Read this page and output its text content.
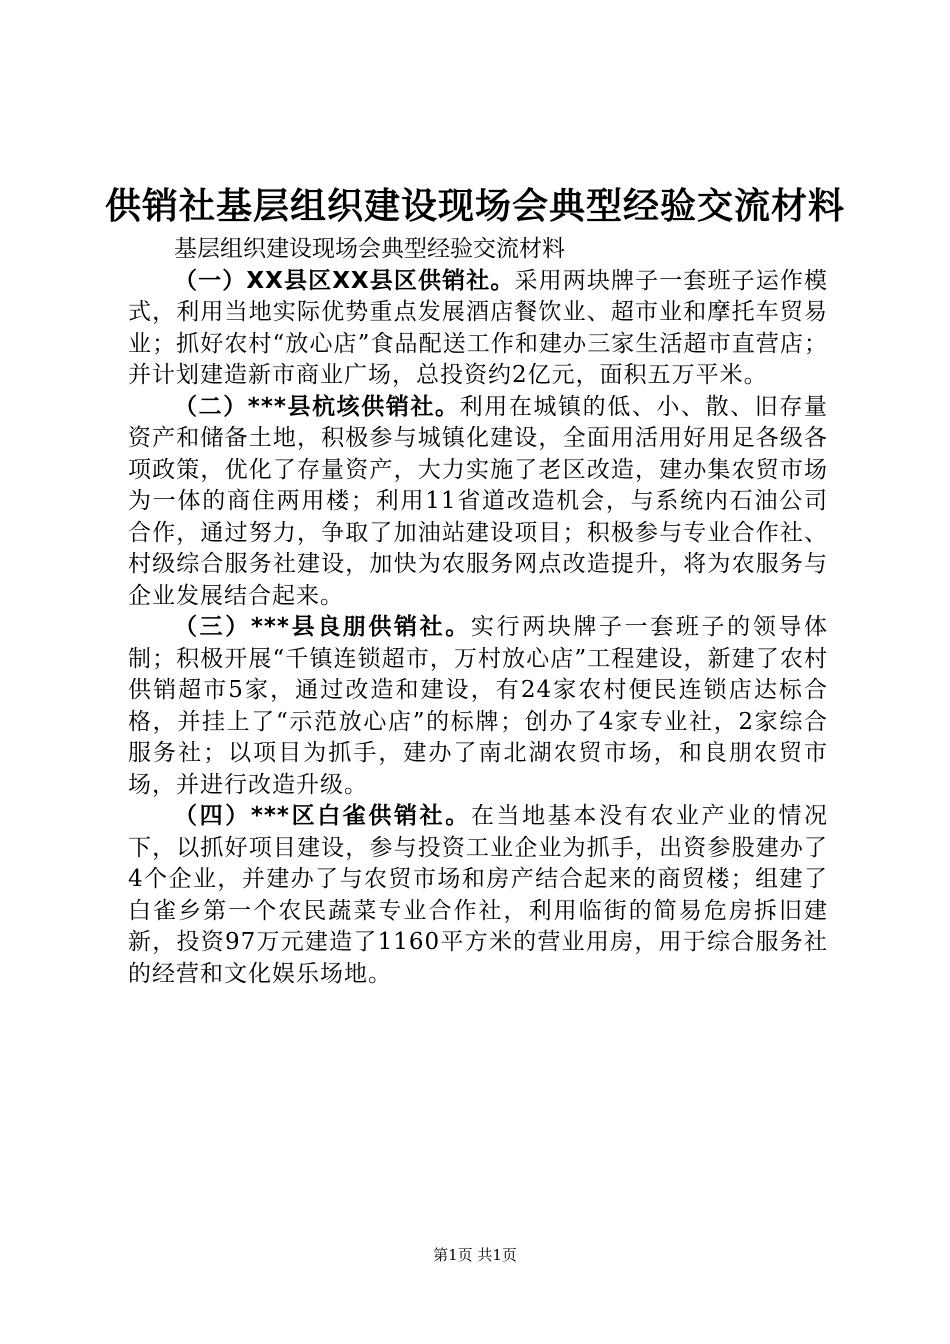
供销社基层组织建设现场会典型经验交流材料

基层组织建设现场会典型经验交流材料

（一）XX县区XX县区供销社。采用两块牌子一套班子运作模式，利用当地实际优势重点发展酒店餐饮业、超市业和摩托车贸易业；抓好农村“放心店”食品配送工作和建办三家生活超市直营店；并计划建造新市商业广场，总投资约2亿元，面积五万平米。

（二）***县杭垓供销社。利用在城镇的低、小、散、旧存量资产和储备土地，积极参与城镇化建设，全面用活用好用足各级各项政策，优化了存量资产，大力实施了老区改造，建办集农贸市场为一体的商住两用楼；利用11省道改造机会，与系统内石油公司合作，通过努力，争取了加油站建设项目；积极参与专业合作社、村级综合服务社建设，加快为农服务网点改造提升，将为农服务与企业发展结合起来。

（三）***县良朋供销社。实行两块牌子一套班子的领导体制；积极开展“千镇连锁超市，万村放心店”工程建设，新建了农村供销超市5家，通过改造和建设，有24家农村便民连锁店达标合格，并挂上了“示范放心店”的标牌；创办了4家专业社，2家综合服务社；以项目为抓手，建办了南北湖农贸市场，和良朋农贸市场，并进行改造升级。

（四）***区白雀供销社。在当地基本没有农业产业的情况下，以抓好项目建设，参与投资工业企业为抓手，出资参股建办了4个企业，并建办了与农贸市场和房产结合起来的商贸楼；组建了白雀乡第一个农民蔬菜专业合作社，利用临街的简易危房拆旧建新，投资97万元建造了1160平方米的营业用房，用于综合服务社的经营和文化娱乐场地。

第1页 共1页
